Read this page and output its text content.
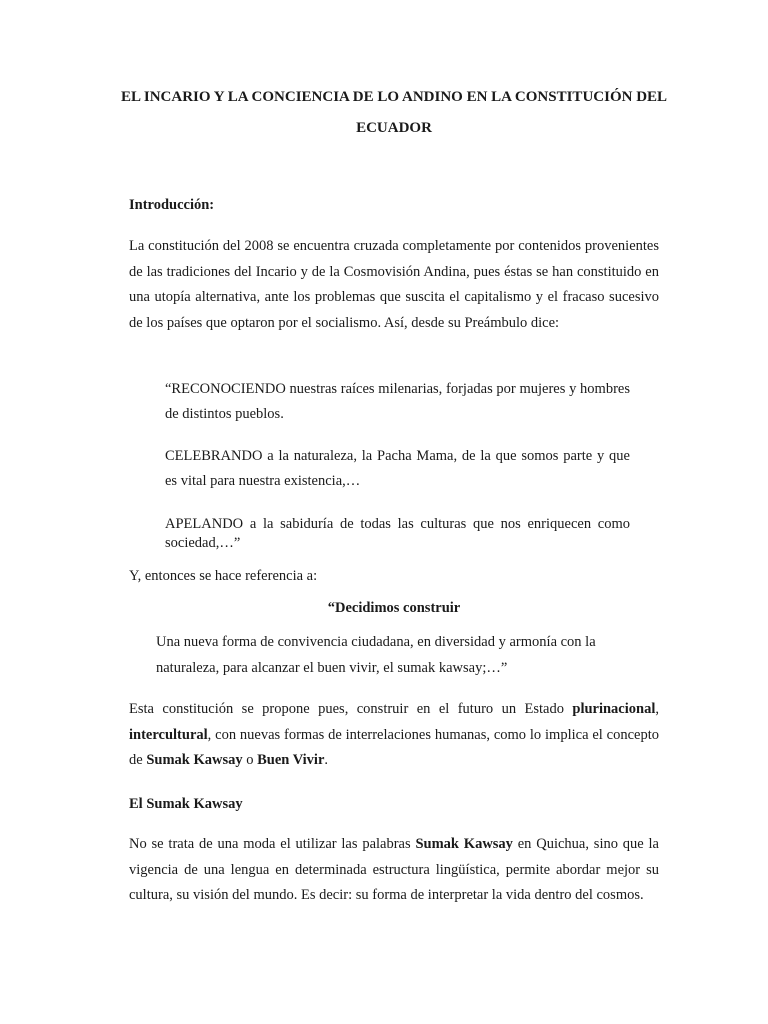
EL INCARIO Y LA CONCIENCIA DE LO ANDINO EN LA CONSTITUCIÓN DEL ECUADOR
Introducción:

La constitución del 2008 se encuentra cruzada completamente por contenidos provenientes de las tradiciones del Incario y de la Cosmovisión Andina, pues éstas se han constituido en una utopía alternativa, ante los problemas que suscita el capitalismo y el fracaso sucesivo de los países que optaron por el socialismo. Así, desde su Preámbulo dice:

“RECONOCIENDO nuestras raíces milenarias, forjadas por mujeres y hombres de distintos pueblos.

CELEBRANDO a la naturaleza, la Pacha Mama, de la que somos parte y que es vital para nuestra existencia,…

APELANDO a la sabiduría de todas las culturas que nos enriquecen como sociedad,…”

Y, entonces se hace referencia a:
“Decidimos construir

Una nueva forma de convivencia ciudadana, en diversidad y armonía con la naturaleza, para alcanzar el buen vivir, el sumak kawsay;…”

Esta constitución se propone pues, construir en el futuro un Estado plurinacional, intercultural, con nuevas formas de interrelaciones humanas, como lo implica el concepto de Sumak Kawsay o Buen Vivir.

El Sumak Kawsay

No se trata de una moda el utilizar las palabras Sumak Kawsay en Quichua, sino que la vigencia de una lengua en determinada estructura lingüística, permite abordar mejor su cultura, su visión del mundo. Es decir: su forma de interpretar la vida dentro del cosmos.
